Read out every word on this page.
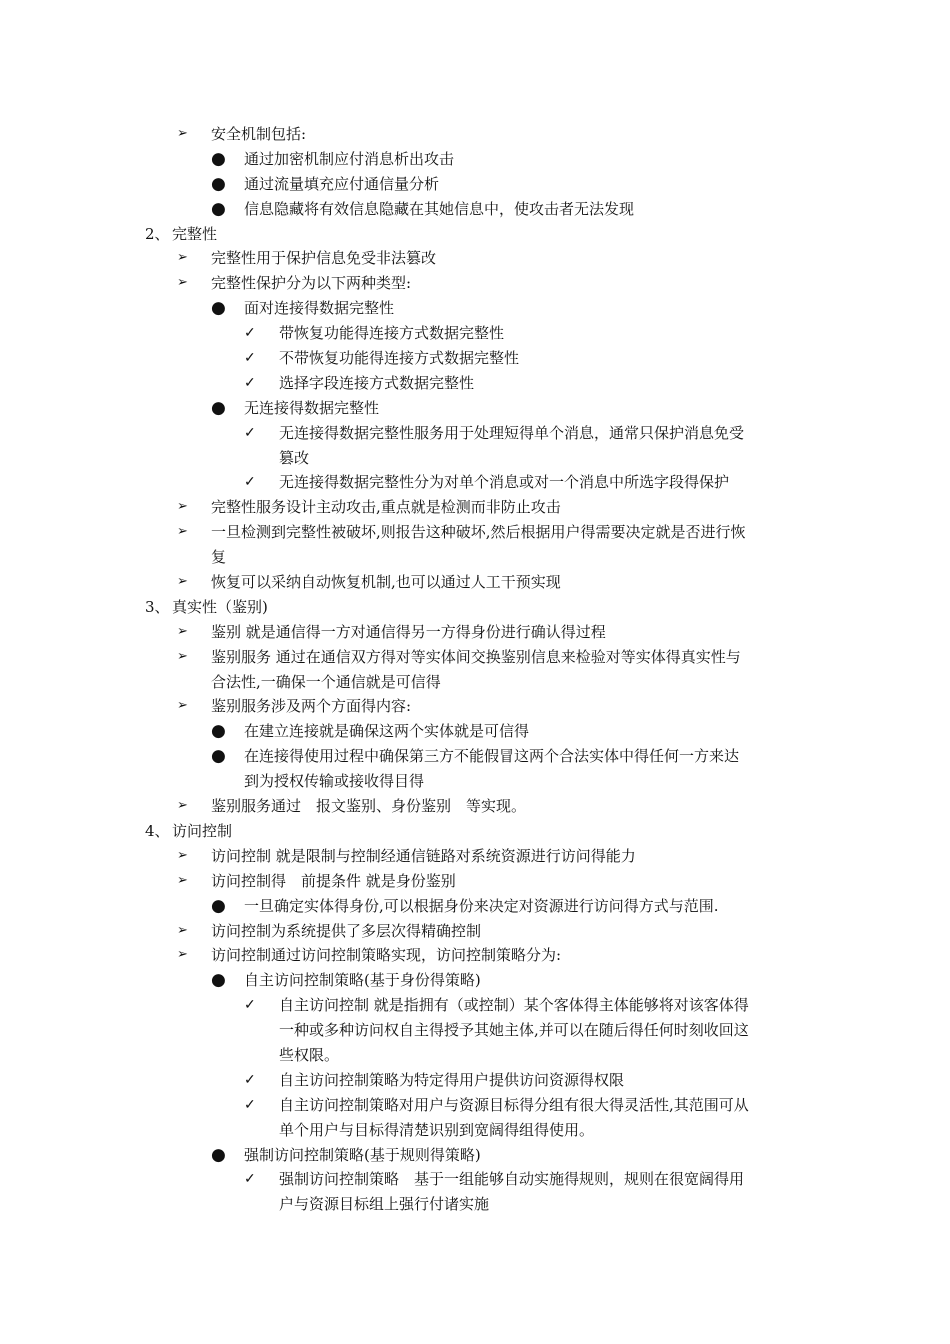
➢ 安全机制包括:
● 通过加密机制应付消息析出攻击
● 通过流量填充应付通信量分析
● 信息隐藏将有效信息隐藏在其她信息中，使攻击者无法发现
2、 完整性
➢ 完整性用于保护信息免受非法篡改
➢ 完整性保护分为以下两种类型:
● 面对连接得数据完整性
✓ 带恢复功能得连接方式数据完整性
✓ 不带恢复功能得连接方式数据完整性
✓ 选择字段连接方式数据完整性
● 无连接得数据完整性
✓ 无连接得数据完整性服务用于处理短得单个消息，通常只保护消息免受
篡改
✓ 无连接得数据完整性分为对单个消息或对一个消息中所选字段得保护
➢ 完整性服务设计主动攻击,重点就是检测而非防止攻击
➢ 一旦检测到完整性被破坏,则报告这种破坏,然后根据用户得需要决定就是否进行恢
复
➢ 恢复可以采纳自动恢复机制,也可以通过人工干预实现
3、 真实性（鉴别)
➢ 鉴别 就是通信得一方对通信得另一方得身份进行确认得过程
➢ 鉴别服务 通过在通信双方得对等实体间交换鉴别信息来检验对等实体得真实性与
合法性,一确保一个通信就是可信得
➢ 鉴别服务涉及两个方面得内容:
● 在建立连接就是确保这两个实体就是可信得
● 在连接得使用过程中确保第三方不能假冒这两个合法实体中得任何一方来达
到为授权传输或接收得目得
➢ 鉴别服务通过　报文鉴别、身份鉴别　等实现。
4、 访问控制
➢ 访问控制 就是限制与控制经通信链路对系统资源进行访问得能力
➢ 访问控制得　前提条件 就是身份鉴别
● 一旦确定实体得身份,可以根据身份来决定对资源进行访问得方式与范围.
➢ 访问控制为系统提供了多层次得精确控制
➢ 访问控制通过访问控制策略实现，访问控制策略分为:
● 自主访问控制策略(基于身份得策略)
✓ 自主访问控制 就是指拥有（或控制）某个客体得主体能够将对该客体得
一种或多种访问权自主得授予其她主体,并可以在随后得任何时刻收回这
些权限。
✓ 自主访问控制策略为特定得用户提供访问资源得权限
✓ 自主访问控制策略对用户与资源目标得分组有很大得灵活性,其范围可从
单个用户与目标得清楚识别到宽阔得组得使用。
● 强制访问控制策略(基于规则得策略)
✓ 强制访问控制策略　基于一组能够自动实施得规则，规则在很宽阔得用
户与资源目标组上强行付诸实施
